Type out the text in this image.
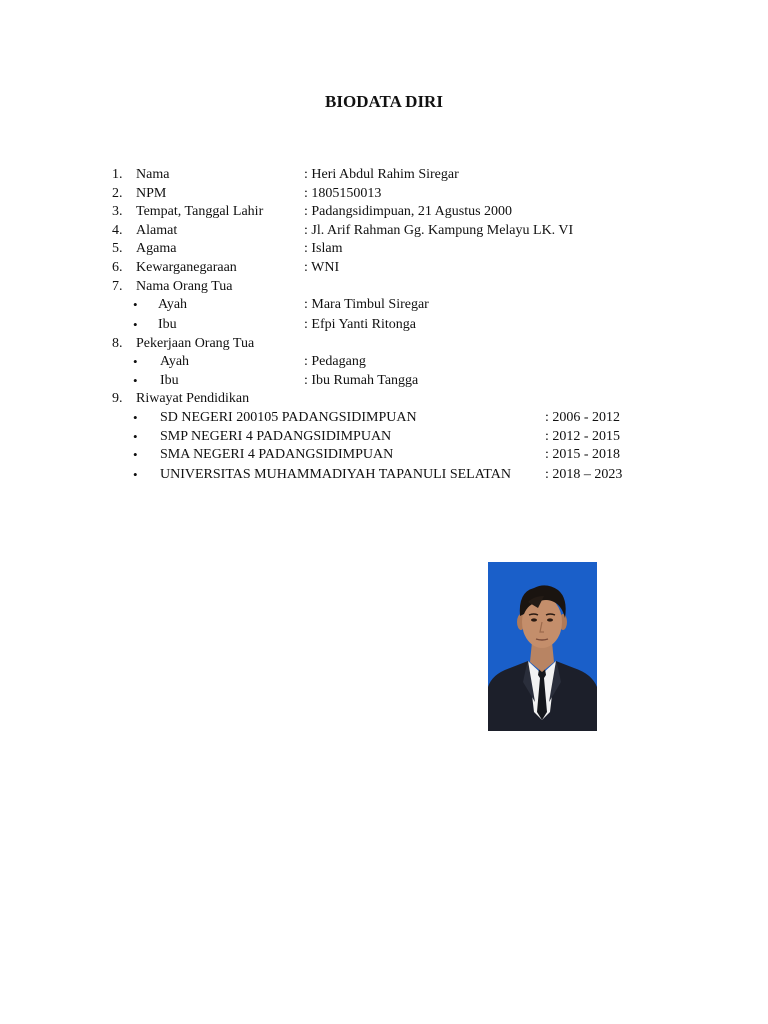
BIODATA DIRI
1. Nama	: Heri Abdul Rahim Siregar
2. NPM	: 1805150013
3. Tempat, Tanggal Lahir	: Padangsidimpuan, 21 Agustus 2000
4. Alamat	: Jl. Arif Rahman Gg. Kampung Melayu LK. VI
5. Agama	: Islam
6. Kewarganegaraan	: WNI
7. Nama Orang Tua
• Ayah	: Mara Timbul Siregar
• Ibu	: Efpi Yanti Ritonga
8. Pekerjaan Orang Tua
• Ayah	: Pedagang
• Ibu	: Ibu Rumah Tangga
9. Riwayat Pendidikan
• SD NEGERI 200105 PADANGSIDIMPUAN	: 2006 - 2012
• SMP NEGERI 4 PADANGSIDIMPUAN	: 2012 - 2015
• SMA NEGERI 4 PADANGSIDIMPUAN	: 2015 - 2018
• UNIVERSITAS MUHAMMADIYAH TAPANULI SELATAN : 2018 – 2023
